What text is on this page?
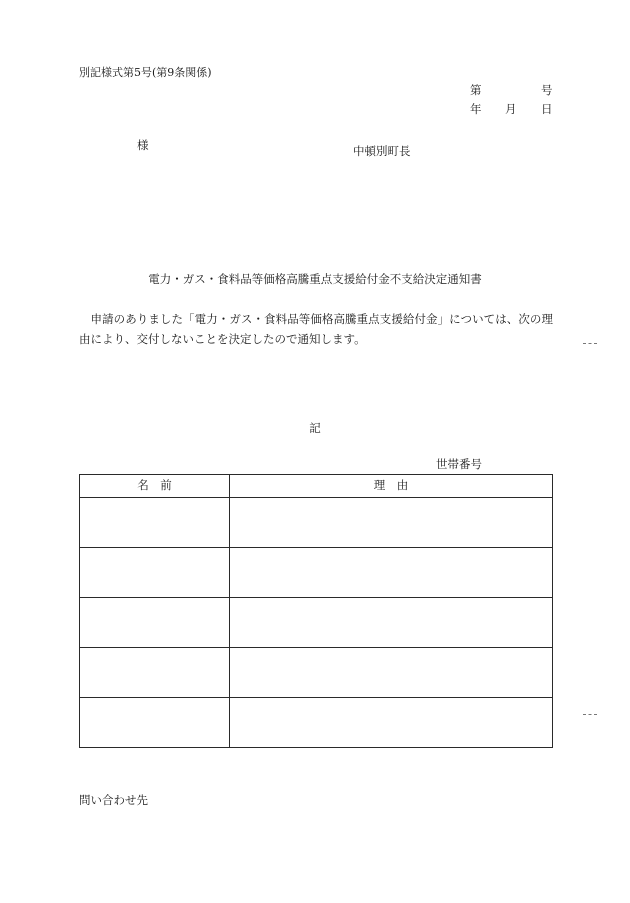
別記様式第5号(第9条関係)
第	号
年 月 日
様	中頓別町長
電力・ガス・食料品等価格高騰重点支援給付金不支給決定通知書
申請のありました「電力・ガス・食料品等価格高騰重点支援給付金」については、次の理由により、交付しないことを決定したので通知します。
記
世帯番号
名　前	理　由

問い合わせ先
